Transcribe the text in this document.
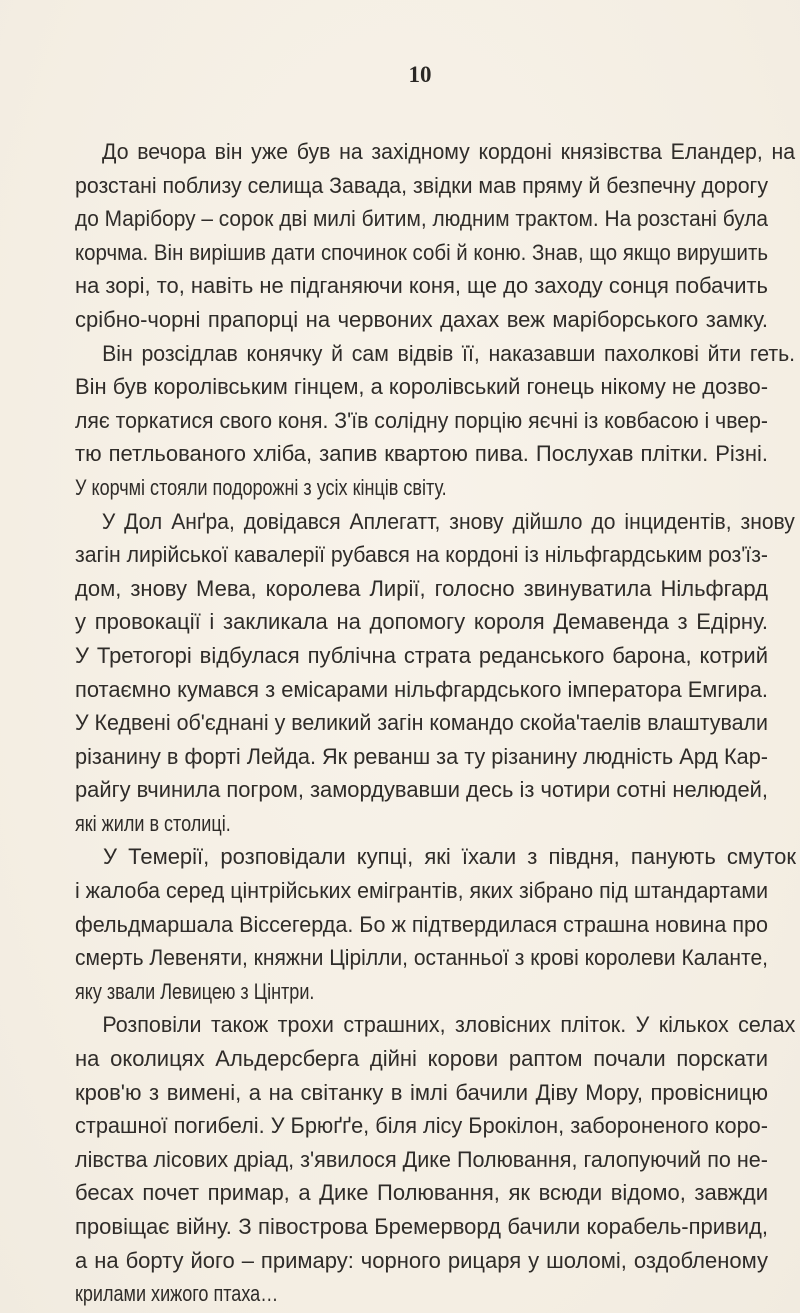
10
До вечора він уже був на західному кордоні князівства Еландер, на
розстані поблизу селища Завада, звідки мав пряму й безпечну дорогу
до Марібору – сорок дві милі битим, людним трактом. На розстані була
корчма. Він вирішив дати спочинок собі й коню. Знав, що якщо вирушить
на зорі, то, навіть не підганяючи коня, ще до заходу сонця побачить
срібно-чорні прапорці на червоних дахах веж маріборського замку.
Він розсідлав конячку й сам відвів її, наказавши пахолкові йти геть.
Він був королівським гінцем, а королівський гонець нікому не дозво-
ляє торкатися свого коня. З'їв солідну порцію яєчні із ковбасою і чвер-
тю петльованого хліба, запив квартою пива. Послухав плітки. Різні.
У корчмі стояли подорожні з усіх кінців світу.
У Дол Анґра, довідався Аплегатт, знову дійшло до інцидентів, знову
загін лирійської кавалерії рубався на кордоні із нільфгардським роз'їз-
дом, знову Мева, королева Лирії, голосно звинуватила Нільфгард
у провокації і закликала на допомогу короля Демавенда з Едірну.
У Третогорі відбулася публічна страта реданського барона, котрий
потаємно кумався з емісарами нільфгардського імператора Емгира.
У Кедвені об'єднані у великий загін командо скойа'таелів влаштували
різанину в форті Лейда. Як реванш за ту різанину людність Ард Кар-
райгу вчинила погром, замордувавши десь із чотири сотні нелюдей,
які жили в столиці.
У Темерії, розповідали купці, які їхали з півдня, панують смуток
і жалоба серед цінтрійських емігрантів, яких зібрано під штандартами
фельдмаршала Віссегерда. Бо ж підтвердилася страшна новина про
смерть Левеняти, княжни Цірілли, останньої з крові королеви Каланте,
яку звали Левицею з Цінтри.
Розповіли також трохи страшних, зловісних пліток. У кількох селах
на околицях Альдерсберга дійні корови раптом почали порскати
кров'ю з вимені, а на світанку в імлі бачили Діву Мору, провісницю
страшної погибелі. У Брюґґе, біля лісу Брокілон, забороненого коро-
лівства лісових дріад, з'явилося Дике Полювання, галопуючий по не-
бесах почет примар, а Дике Полювання, як всюди відомо, завжди
провіщає війну. З півострова Бремерворд бачили корабель-привид,
а на борту його – примару: чорного рицаря у шоломі, оздобленому
крилами хижого птаха…
